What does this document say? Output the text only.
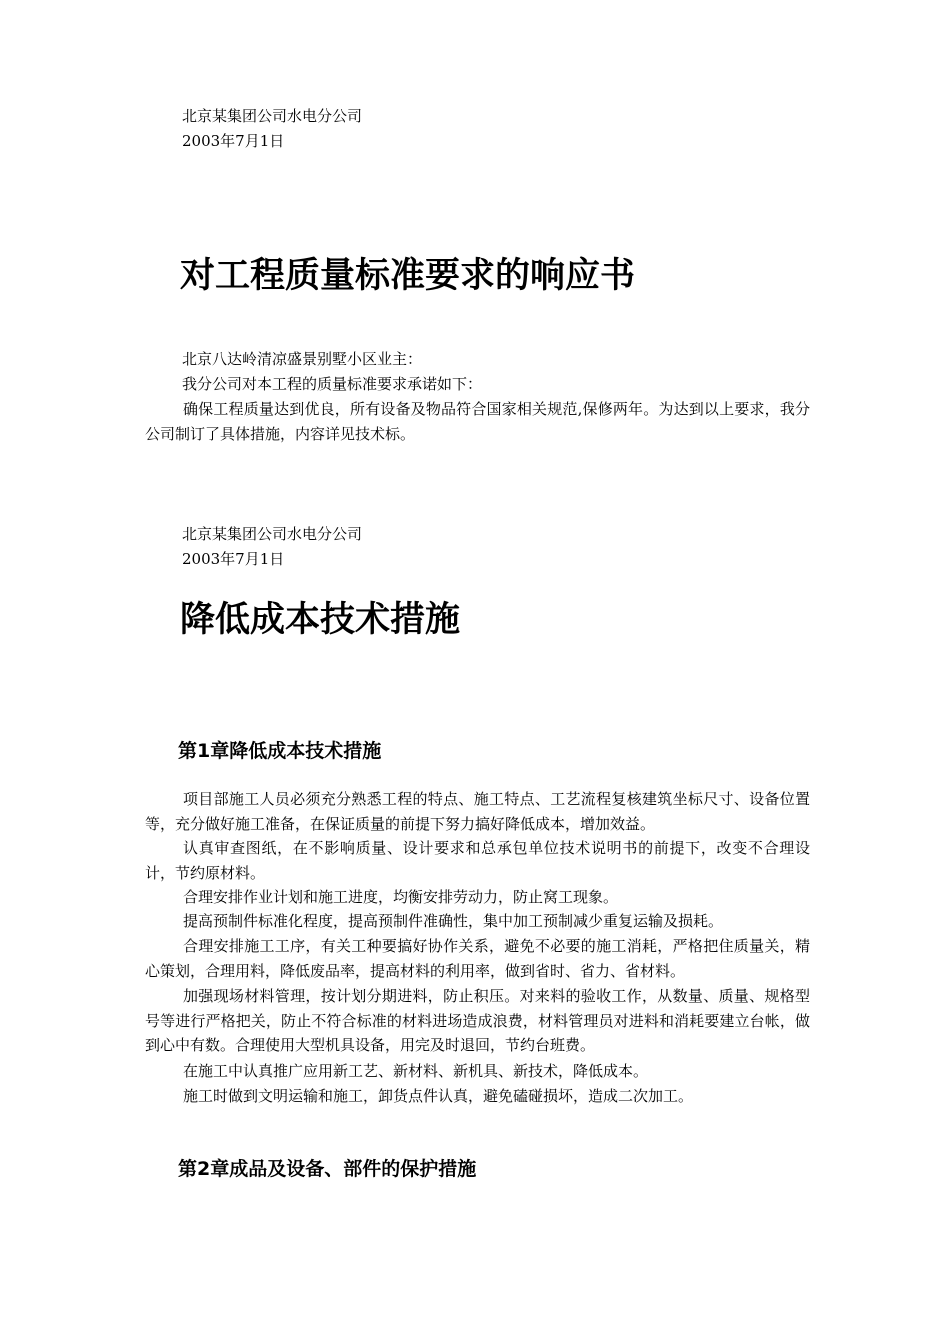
北京某集团公司水电分公司
2003年7月1日
对工程质量标准要求的响应书
北京八达岭清凉盛景别墅小区业主：
我分公司对本工程的质量标准要求承诺如下：
确保工程质量达到优良，所有设备及物品符合国家相关规范,保修两年。为达到以上要求，我分公司制订了具体措施，内容详见技术标。
北京某集团公司水电分公司
2003年7月1日
降低成本技术措施
第1章降低成本技术措施
项目部施工人员必须充分熟悉工程的特点、施工特点、工艺流程复核建筑坐标尺寸、设备位置等，充分做好施工准备，在保证质量的前提下努力搞好降低成本，增加效益。
认真审查图纸，在不影响质量、设计要求和总承包单位技术说明书的前提下，改变不合理设计，节约原材料。
合理安排作业计划和施工进度，均衡安排劳动力，防止窝工现象。
提高预制件标准化程度，提高预制件准确性，集中加工预制减少重复运输及损耗。
合理安排施工工序，有关工种要搞好协作关系，避免不必要的施工消耗，严格把住质量关，精心策划，合理用料，降低废品率，提高材料的利用率，做到省时、省力、省材料。
加强现场材料管理，按计划分期进料，防止积压。对来料的验收工作，从数量、质量、规格型号等进行严格把关，防止不符合标准的材料进场造成浪费，材料管理员对进料和消耗要建立台帐，做到心中有数。合理使用大型机具设备，用完及时退回，节约台班费。
在施工中认真推广应用新工艺、新材料、新机具、新技术，降低成本。
施工时做到文明运输和施工，卸货点件认真，避免磕碰损坏，造成二次加工。
第2章成品及设备、部件的保护措施
